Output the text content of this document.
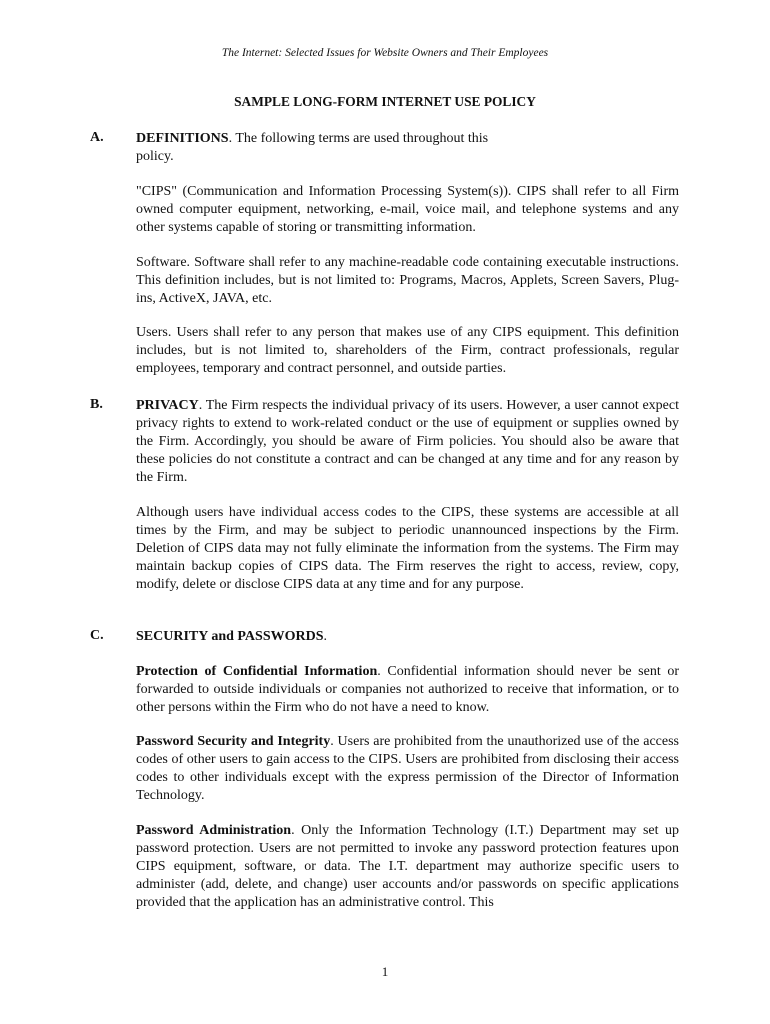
The Internet: Selected Issues for Website Owners and Their Employees
SAMPLE LONG-FORM INTERNET USE POLICY
A. DEFINITIONS. The following terms are used throughout this
policy.

"CIPS" (Communication and Information Processing System(s)). CIPS shall refer to all Firm owned computer equipment, networking, e-mail, voice mail, and telephone systems and any other systems capable of storing or transmitting information.

Software. Software shall refer to any machine-readable code containing executable instructions. This definition includes, but is not limited to: Programs, Macros, Applets, Screen Savers, Plug-ins, ActiveX, JAVA, etc.

Users. Users shall refer to any person that makes use of any CIPS equipment. This definition includes, but is not limited to, shareholders of the Firm, contract professionals, regular employees, temporary and contract personnel, and outside parties.

B. PRIVACY. The Firm respects the individual privacy of its users. However, a user cannot expect privacy rights to extend to work-related conduct or the use of equipment or supplies owned by the Firm. Accordingly, you should be aware of Firm policies. You should also be aware that these policies do not constitute a contract and can be changed at any time and for any reason by the Firm.

Although users have individual access codes to the CIPS, these systems are accessible at all times by the Firm, and may be subject to periodic unannounced inspections by the Firm. Deletion of CIPS data may not fully eliminate the information from the systems. The Firm may maintain backup copies of CIPS data. The Firm reserves the right to access, review, copy, modify, delete or disclose CIPS data at any time and for any purpose.

C. SECURITY and PASSWORDS.

Protection of Confidential Information. Confidential information should never be sent or forwarded to outside individuals or companies not authorized to receive that information, or to other persons within the Firm who do not have a need to know.

Password Security and Integrity. Users are prohibited from the unauthorized use of the access codes of other users to gain access to the CIPS. Users are prohibited from disclosing their access codes to other individuals except with the express permission of the Director of Information Technology.

Password Administration. Only the Information Technology (I.T.) Department may set up password protection. Users are not permitted to invoke any password protection features upon CIPS equipment, software, or data. The I.T. department may authorize specific users to administer (add, delete, and change) user accounts and/or passwords on specific applications provided that the application has an administrative control. This

1
